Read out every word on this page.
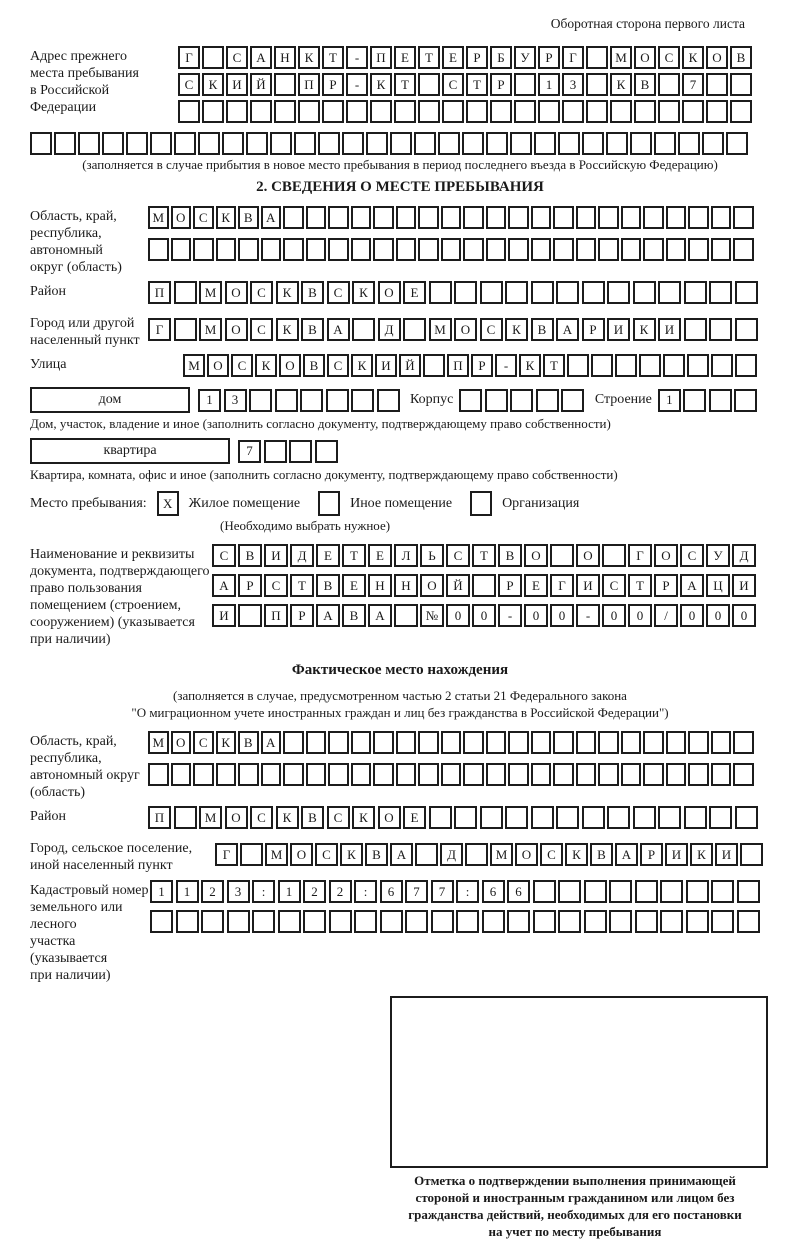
Оборотная сторона первого листа
Адрес прежнего
места пребывания
в Российской
Федерации
Г	С	А	Н	К	Т	-	П	Е	Т	Е	Р	Б	У	Р	Г	М	О	С	К	О	В
С	К	И	Й	П	Р	-	К	Т	С	Т	Р	1	3	К	В	7
(заполняется в случае прибытия в новое место пребывания в период последнего въезда в Российскую Федерацию)
2. СВЕДЕНИЯ О МЕСТЕ ПРЕБЫВАНИЯ
Область, край,
республика,
автономный
округ (область)
М О	С	К	В	А
Район	П	М	О	С	К	В	С	К	О	Е
Город или другой
населенный пункт
Г	М	О	С	К	В	А	Д	М	О	С	К	В	А	Р	И	К	И
Улица	М	О	С	К	О	В	С	К	И	Й	П	Р	-	К	Т
дом	1	3	Корпус	Строение	1
Дом, участок, владение и иное (заполнить согласно документу, подтверждающему право собственности)
квартира	7
Квартира, комната, офис и иное (заполнить согласно документу, подтверждающему право собственности)
Место пребывания:	X	Жилое помещение	Иное помещение	Организация
(Необходимо выбрать нужное)
Наименование и реквизиты
документа, подтверждающего
право пользования
помещением (строением,
сооружением) (указывается
при наличии)
С	В	И	Д	Е	Т	Е	Л	Ь	С	Т	В	О	О	Г	О	С	У	Д
А	Р	С	Т	В	Е	Н	Н	О	Й	Р	Е	Г	И	С	Т	Р	А	Ц	И
И	П	Р	А	В	А	№	0	0	-	0	0	-	0	0	/	0	0	0
Фактическое место нахождения
(заполняется в случае, предусмотренном частью 2 статьи 21 Федерального закона
"О миграционном учете иностранных граждан и лиц без гражданства в Российской Федерации")
Область, край,
республика,
автономный округ
(область)
М О	С	К	В	А
Район	П	М	О	С	К	В	С	К	О	Е
Город, сельское поселение,
иной населенный пункт
Г	М	О	С	К	В	А	Д	М	О	С	К	В	А	Р	И	К	И
Кадастровый номер
земельного или лесного
участка (указывается
при наличии)
1	1	2	3	:	1	2	2	:	6	7	7	:	6	6
Отметка о подтверждении выполнения принимающей
стороной и иностранным гражданином или лицом без
гражданства действий, необходимых для его постановки
на учет по месту пребывания
